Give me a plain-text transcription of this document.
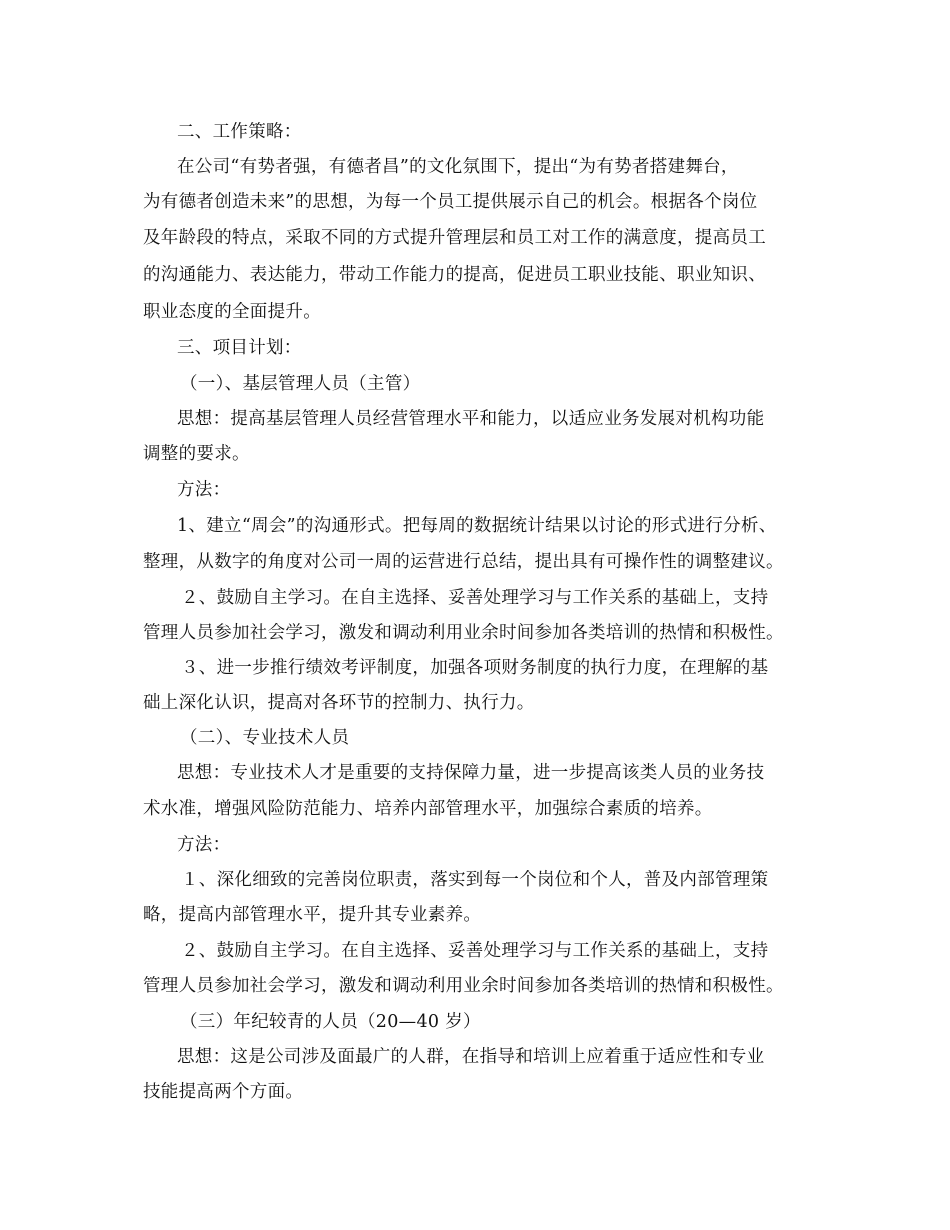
二、工作策略：
在公司“有势者强，有德者昌”的文化氛围下，提出“为有势者搭建舞台，
为有德者创造未来”的思想，为每一个员工提供展示自己的机会。根据各个岗位
及年龄段的特点，采取不同的方式提升管理层和员工对工作的满意度，提高员工
的沟通能力、表达能力，带动工作能力的提高，促进员工职业技能、职业知识、
职业态度的全面提升。
三、项目计划：
（一）、基层管理人员（主管）
思想：提高基层管理人员经营管理水平和能力，以适应业务发展对机构功能
调整的要求。
方法：
1、建立“周会”的沟通形式。把每周的数据统计结果以讨论的形式进行分析、
整理，从数字的角度对公司一周的运营进行总结，提出具有可操作性的调整建议。
２、鼓励自主学习。在自主选择、妥善处理学习与工作关系的基础上，支持
管理人员参加社会学习，激发和调动利用业余时间参加各类培训的热情和积极性。
３、进一步推行绩效考评制度，加强各项财务制度的执行力度，在理解的基
础上深化认识，提高对各环节的控制力、执行力。
（二）、专业技术人员
思想：专业技术人才是重要的支持保障力量，进一步提高该类人员的业务技
术水准，增强风险防范能力、培养内部管理水平，加强综合素质的培养。
方法：
１、深化细致的完善岗位职责，落实到每一个岗位和个人，普及内部管理策
略，提高内部管理水平，提升其专业素养。
２、鼓励自主学习。在自主选择、妥善处理学习与工作关系的基础上，支持
管理人员参加社会学习，激发和调动利用业余时间参加各类培训的热情和积极性。
（三）年纪较青的人员（20—40 岁）
思想：这是公司涉及面最广的人群，在指导和培训上应着重于适应性和专业
技能提高两个方面。
